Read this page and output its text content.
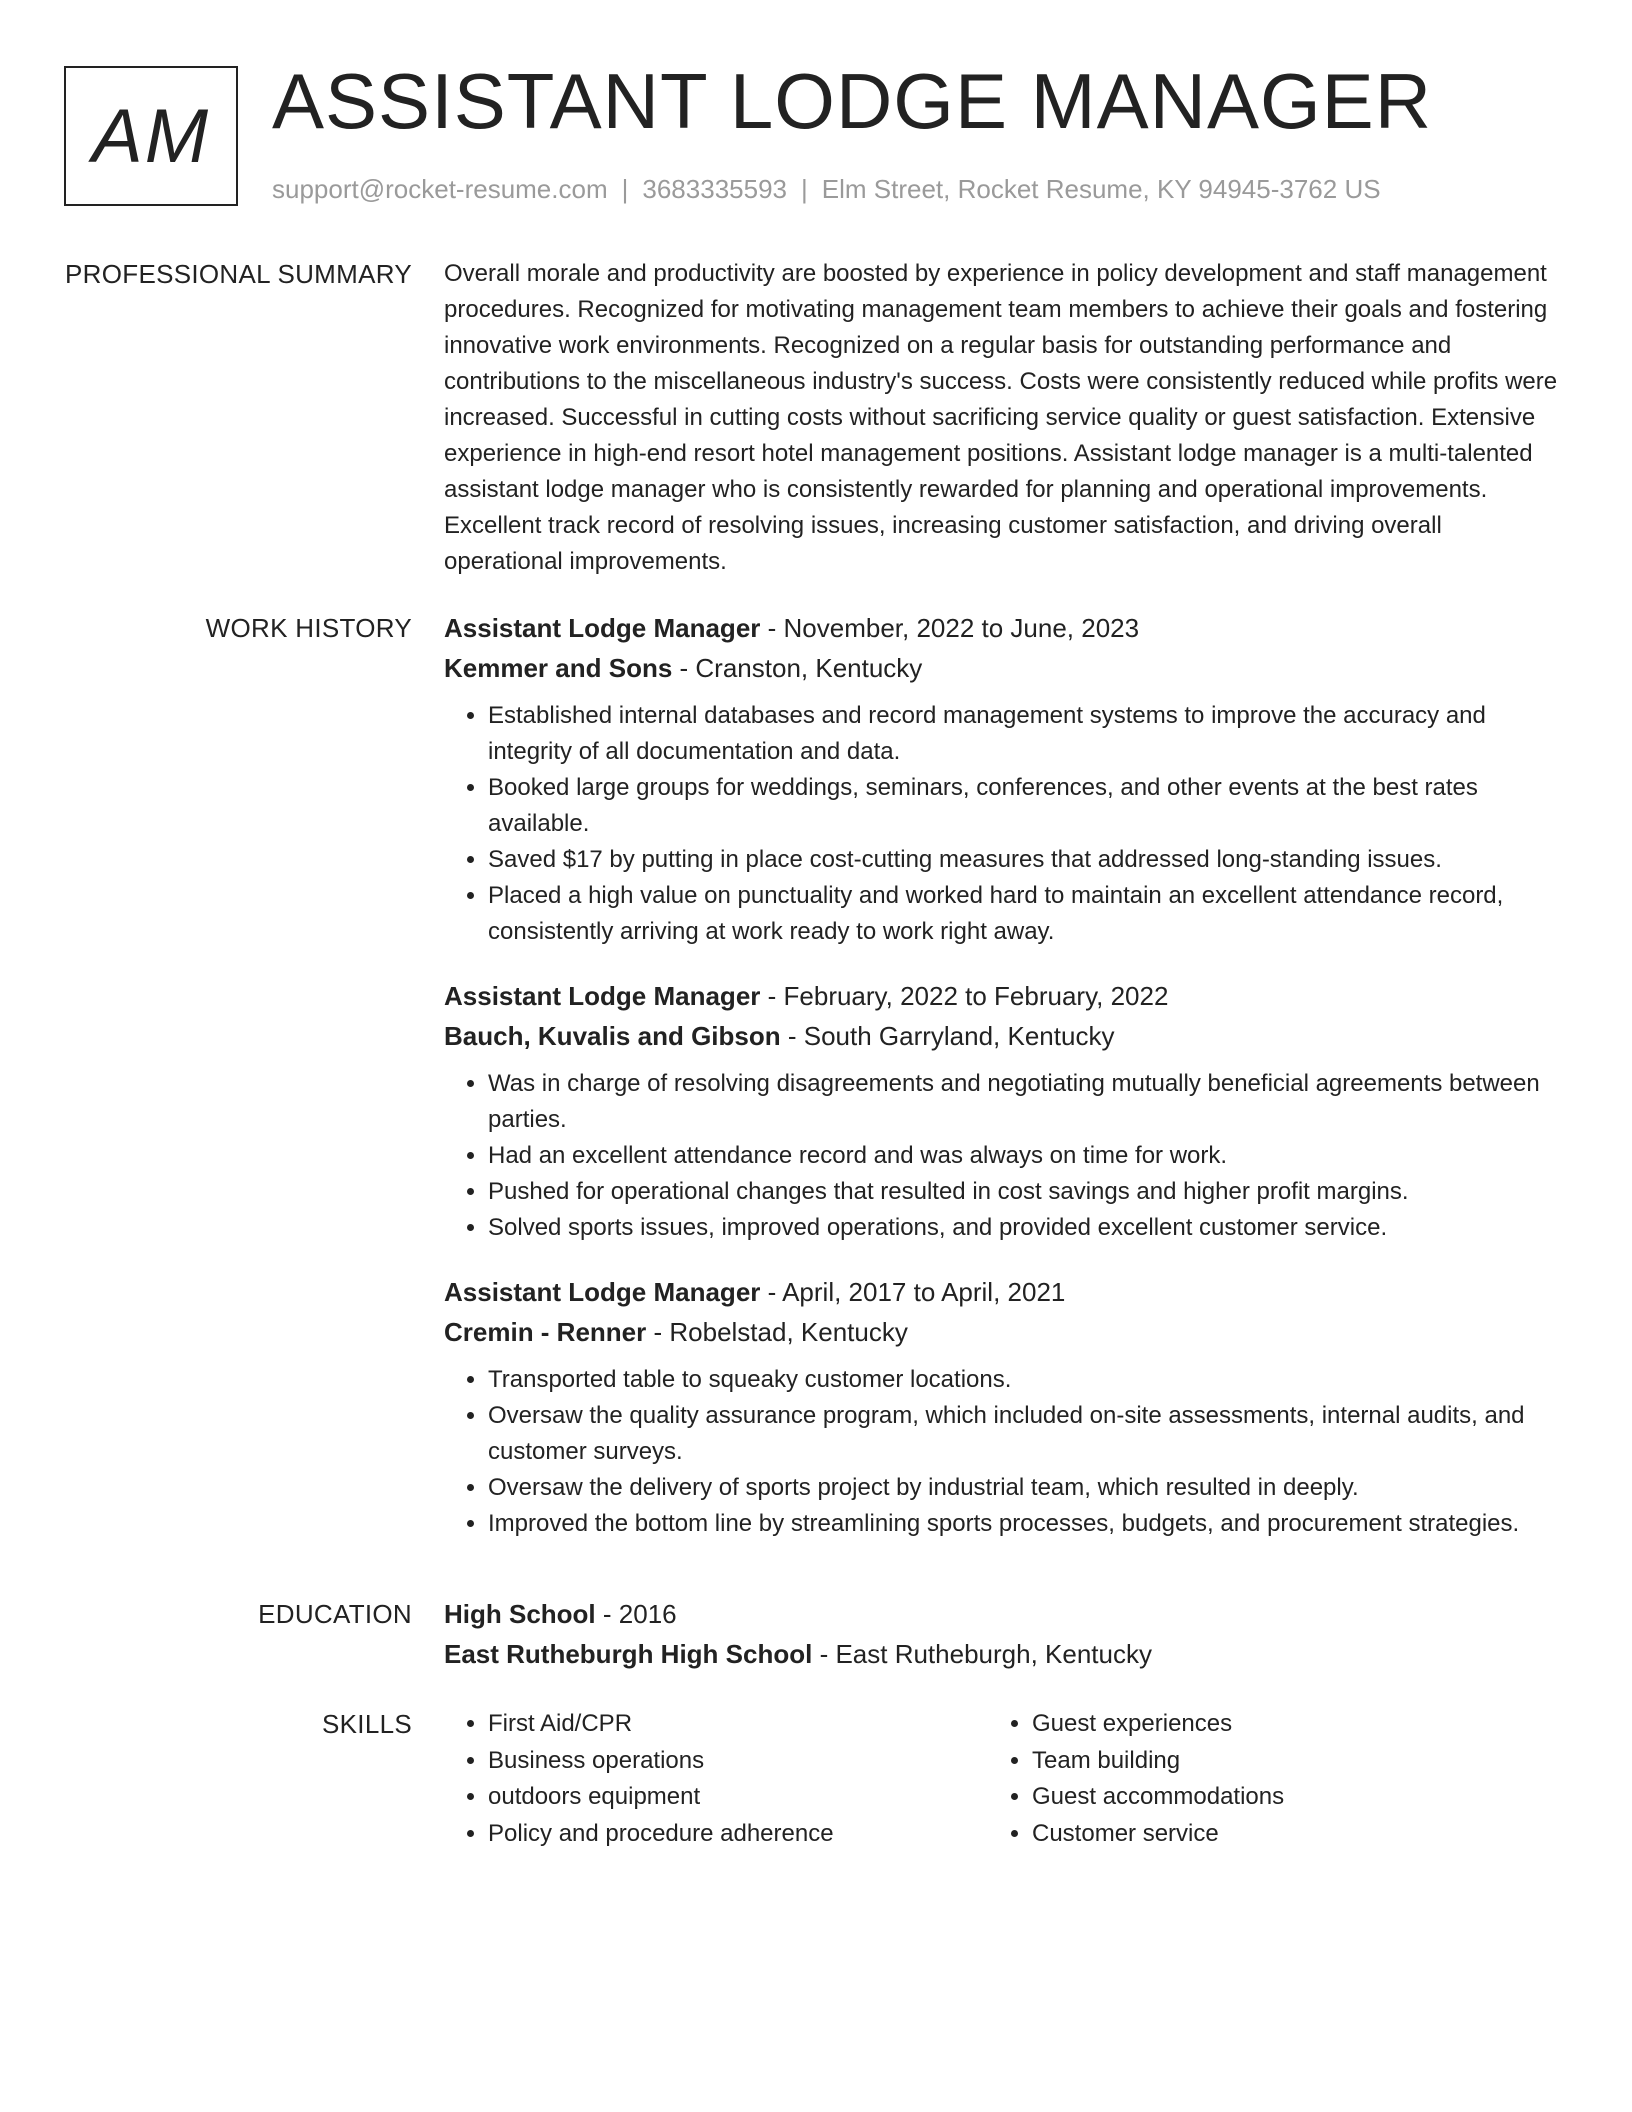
AM ASSISTANT LODGE MANAGER
support@rocket-resume.com | 3683335593 | Elm Street, Rocket Resume, KY 94945-3762 US
PROFESSIONAL SUMMARY Overall morale and productivity are boosted by experience in policy development and staff management procedures. Recognized for motivating management team members to achieve their goals and fostering innovative work environments. Recognized on a regular basis for outstanding performance and contributions to the miscellaneous industry's success. Costs were consistently reduced while profits were increased. Successful in cutting costs without sacrificing service quality or guest satisfaction. Extensive experience in high-end resort hotel management positions. Assistant lodge manager is a multi-talented assistant lodge manager who is consistently rewarded for planning and operational improvements. Excellent track record of resolving issues, increasing customer satisfaction, and driving overall operational improvements.

WORK HISTORY Assistant Lodge Manager - November, 2022 to June, 2023
Kemmer and Sons - Cranston, Kentucky
• Established internal databases and record management systems to improve the accuracy and integrity of all documentation and data.
• Booked large groups for weddings, seminars, conferences, and other events at the best rates available.
• Saved $17 by putting in place cost-cutting measures that addressed long-standing issues.
• Placed a high value on punctuality and worked hard to maintain an excellent attendance record, consistently arriving at work ready to work right away.
Assistant Lodge Manager - February, 2022 to February, 2022
Bauch, Kuvalis and Gibson - South Garryland, Kentucky
• Was in charge of resolving disagreements and negotiating mutually beneficial agreements between parties.
• Had an excellent attendance record and was always on time for work.
• Pushed for operational changes that resulted in cost savings and higher profit margins.
• Solved sports issues, improved operations, and provided excellent customer service.
Assistant Lodge Manager - April, 2017 to April, 2021
Cremin - Renner - Robelstad, Kentucky
• Transported table to squeaky customer locations.
• Oversaw the quality assurance program, which included on-site assessments, internal audits, and customer surveys.
• Oversaw the delivery of sports project by industrial team, which resulted in deeply.
• Improved the bottom line by streamlining sports processes, budgets, and procurement strategies.
EDUCATION High School - 2016
East Rutheburgh High School - East Rutheburgh, Kentucky
SKILLS
•	First Aid/CPR
• Business operations
• outdoors equipment
• Policy and procedure adherence
• Guest experiences
• Team building
• Guest accommodations
• Customer service
